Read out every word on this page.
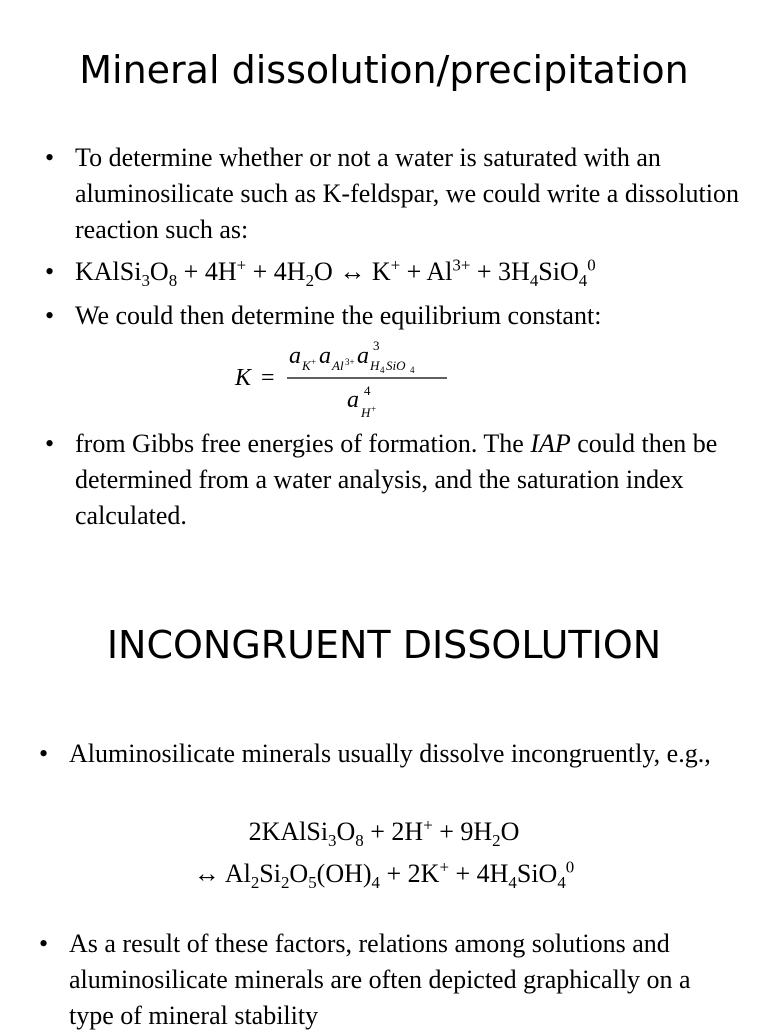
Mineral dissolution/precipitation
• To determine whether or not a water is saturated with an aluminosilicate such as K-feldspar, we could write a dissolution reaction such as:
• $KAlSi_3O_8 + 4H^+ + 4H_2O$ ↔ $K^+ + Al^{3+} + 3H_4SiO_4^0$
• We could then determine the equilibrium constant:
K =
a K + a Al 3+ a 3
H 4 SiO 4
a 4
H +
• from Gibbs free energies of formation. The IAP could then be determined from a water analysis, and the saturation index calculated.
INCONGRUENT DISSOLUTION
• Aluminosilicate minerals usually dissolve incongruently, e.g.,
$2KAlSi_3O_8 + 2H^+ + 9H_2O$
↔ $Al_2Si_2O_5(OH)_4 + 2K^+ + 4H_4SiO_4^0$
• As a result of these factors, relations among solutions and aluminosilicate minerals are often depicted graphically on a type of mineral stability
